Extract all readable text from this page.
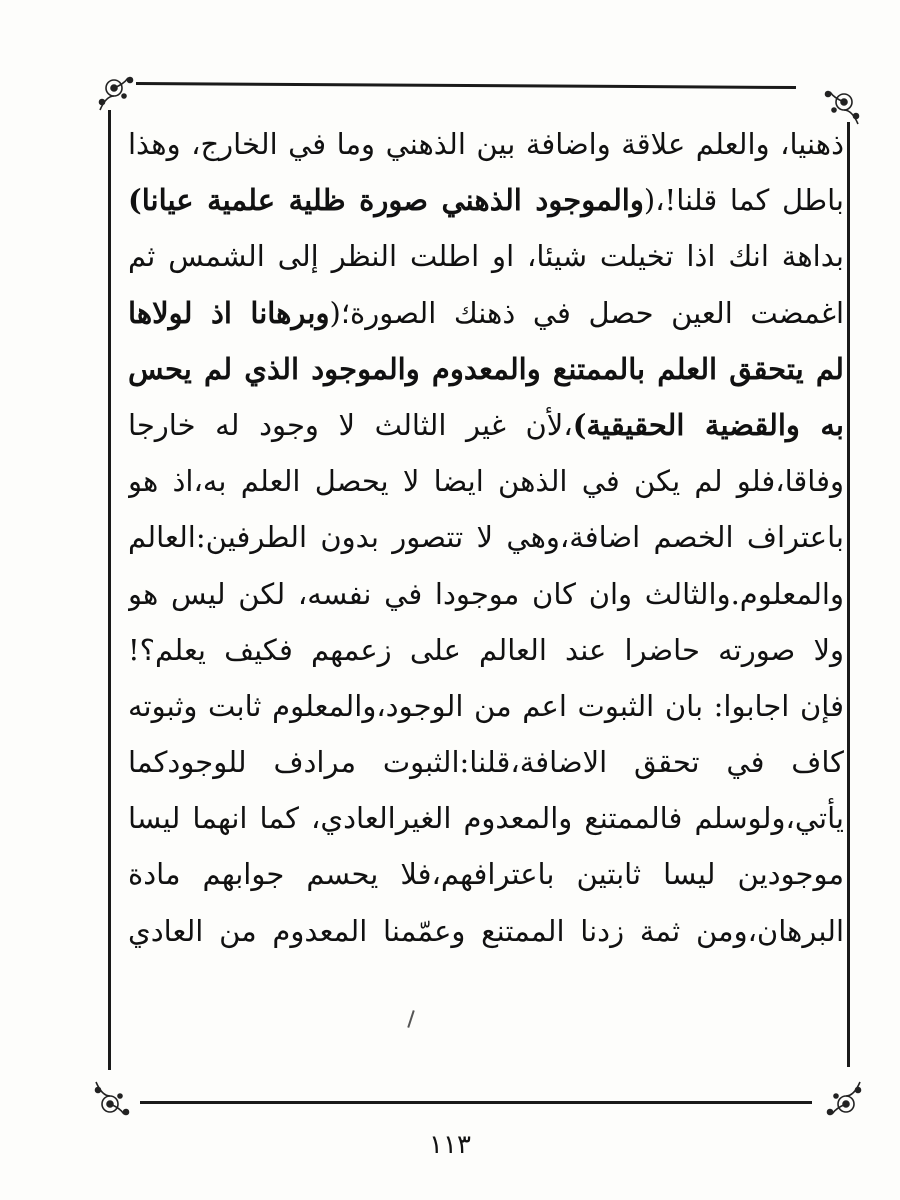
ذهنيا، والعلم علاقة واضافة بين الذهني وما في الخارج، وهذا
باطل كما قلنا!،(والموجود الذهني صورة ظلية علمية عيانا)
بداهة انك اذا تخيلت شيئا، او اطلت النظر إلى الشمس ثم
اغمضت العين حصل في ذهنك الصورة؛(وبرهانا اذ لولاها
لم يتحقق العلم بالممتنع والمعدوم والموجود الذي لم يحس
به والقضية الحقيقية)،لأن غير الثالث لا وجود له خارجا
وفاقا،فلو لم يكن في الذهن ايضا لا يحصل العلم به،اذ هو
باعتراف الخصم اضافة،وهي لا تتصور بدون الطرفين:العالم
والمعلوم.والثالث وان كان موجودا في نفسه، لكن ليس هو
ولا صورته حاضرا عند العالم على زعمهم فكيف يعلم؟!
فإن اجابوا: بان الثبوت اعم من الوجود،والمعلوم ثابت وثبوته
كاف في تحقق الاضافة،قلنا:الثبوت مرادف للوجودكما
يأتي،ولوسلم فالممتنع والمعدوم الغيرالعادي، كما انهما ليسا
موجودين ليسا ثابتين باعترافهم،فلا يحسم جوابهم مادة
البرهان،ومن ثمة زدنا الممتنع وعمّمنا المعدوم من العادي
١١٣
